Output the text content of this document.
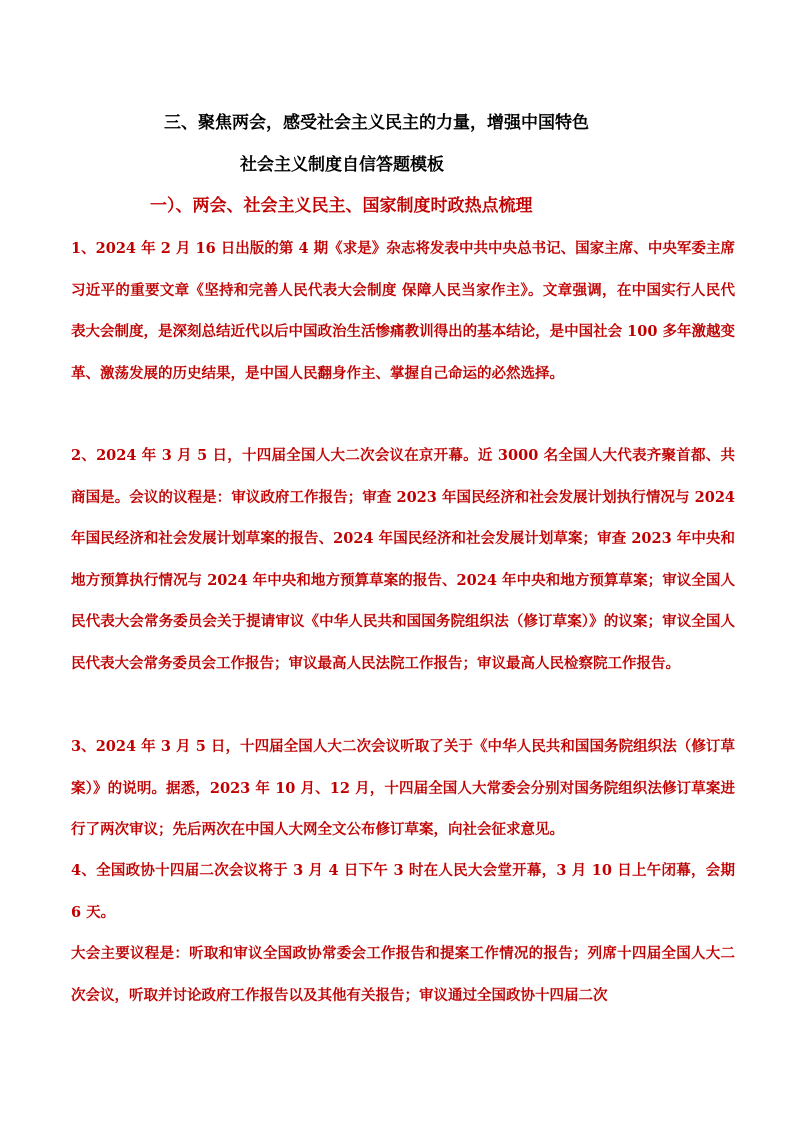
三、聚焦两会，感受社会主义民主的力量，增强中国特色
社会主义制度自信答题模板
一）、两会、社会主义民主、国家制度时政热点梳理
1、2024 年 2 月 16 日出版的第 4 期《求是》杂志将发表中共中央总书记、国家主席、中央军委主席习近平的重要文章《坚持和完善人民代表大会制度 保障人民当家作主》。文章强调，在中国实行人民代表大会制度，是深刻总结近代以后中国政治生活惨痛教训得出的基本结论，是中国社会 100 多年激越变革、激荡发展的历史结果，是中国人民翻身作主、掌握自己命运的必然选择。
2、2024 年 3 月 5 日，十四届全国人大二次会议在京开幕。近 3000 名全国人大代表齐聚首都、共商国是。会议的议程是：审议政府工作报告；审查 2023 年国民经济和社会发展计划执行情况与 2024 年国民经济和社会发展计划草案的报告、2024 年国民经济和社会发展计划草案；审查 2023 年中央和地方预算执行情况与 2024 年中央和地方预算草案的报告、2024 年中央和地方预算草案；审议全国人民代表大会常务委员会关于提请审议《中华人民共和国国务院组织法（修订草案）》的议案；审议全国人民代表大会常务委员会工作报告；审议最高人民法院工作报告；审议最高人民检察院工作报告。
3、2024 年 3 月 5 日，十四届全国人大二次会议听取了关于《中华人民共和国国务院组织法（修订草案）》的说明。据悉，2023 年 10 月、12 月，十四届全国人大常委会分别对国务院组织法修订草案进行了两次审议；先后两次在中国人大网全文公布修订草案，向社会征求意见。
4、全国政协十四届二次会议将于 3 月 4 日下午 3 时在人民大会堂开幕，3 月 10 日上午闭幕，会期 6 天。
大会主要议程是：听取和审议全国政协常委会工作报告和提案工作情况的报告；列席十四届全国人大二次会议，听取并讨论政府工作报告以及其他有关报告；审议通过全国政协十四届二次
